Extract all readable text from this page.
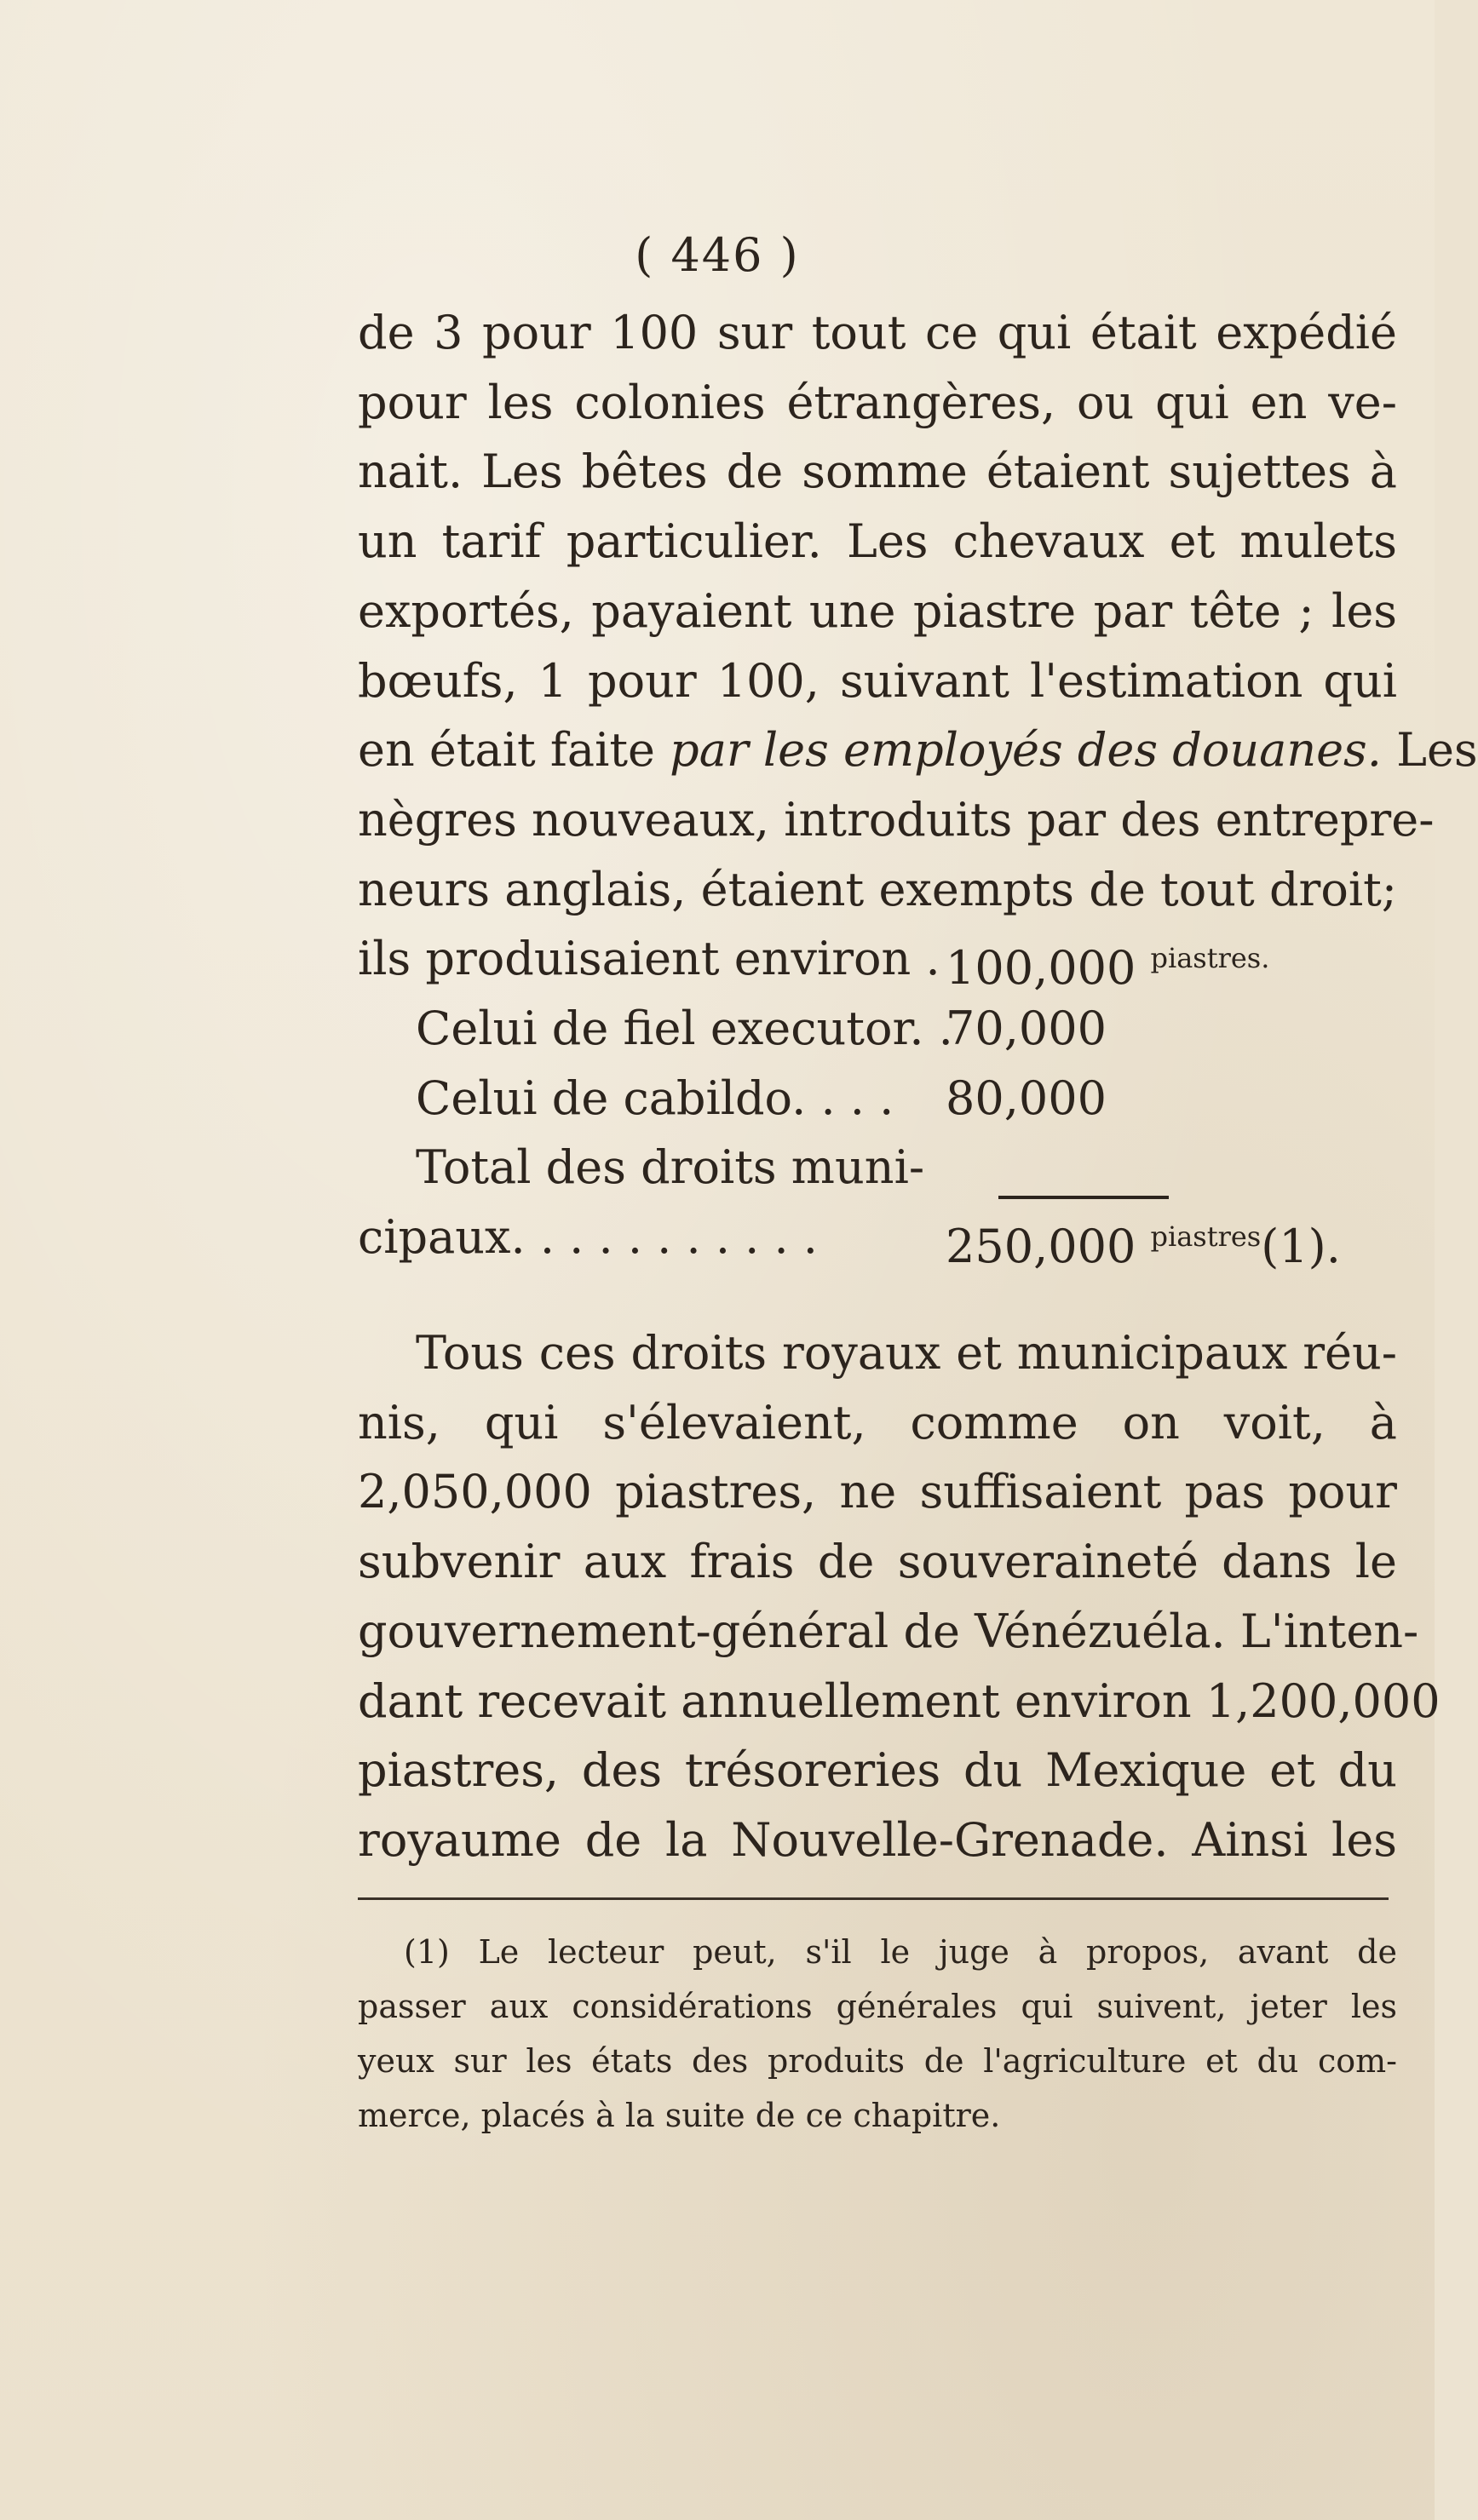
( 446 )
de 3 pour 100 sur tout ce qui était expédié
pour les colonies étrangères, ou qui en ve-
nait. Les bêtes de somme étaient sujettes à
un tarif particulier. Les chevaux et mulets
exportés, payaient une piastre par tête ; les
bœufs, 1 pour 100, suivant l'estimation qui
en était faite par les employés des douanes. Les
nègres nouveaux, introduits par des entrepre-
neurs anglais, étaient exempts de tout droit;
ils produisaient environ . 100,000 $^{piastres.}$
Celui de fiel executor. .
70,000
Celui de cabildo. . . .	80,000
Total des droits muni-
cipaux. . . . . . . . . . .	250,000 $^{piastres}$(1).
Tous ces droits royaux et municipaux réu-
nis, qui s'élevaient, comme on voit, à
2,050,000 piastres, ne suffisaient pas pour
subvenir aux frais de souveraineté dans le
gouvernement-général de Vénézuéla. L'inten-
dant recevait annuellement environ 1,200,000
piastres, des trésoreries du Mexique et du
royaume de la Nouvelle-Grenade. Ainsi les
(1) Le lecteur peut, s'il le juge à propos, avant de
passer aux considérations générales qui suivent, jeter les
yeux sur les états des produits de l'agriculture et du com-
merce, placés à la suite de ce chapitre.
